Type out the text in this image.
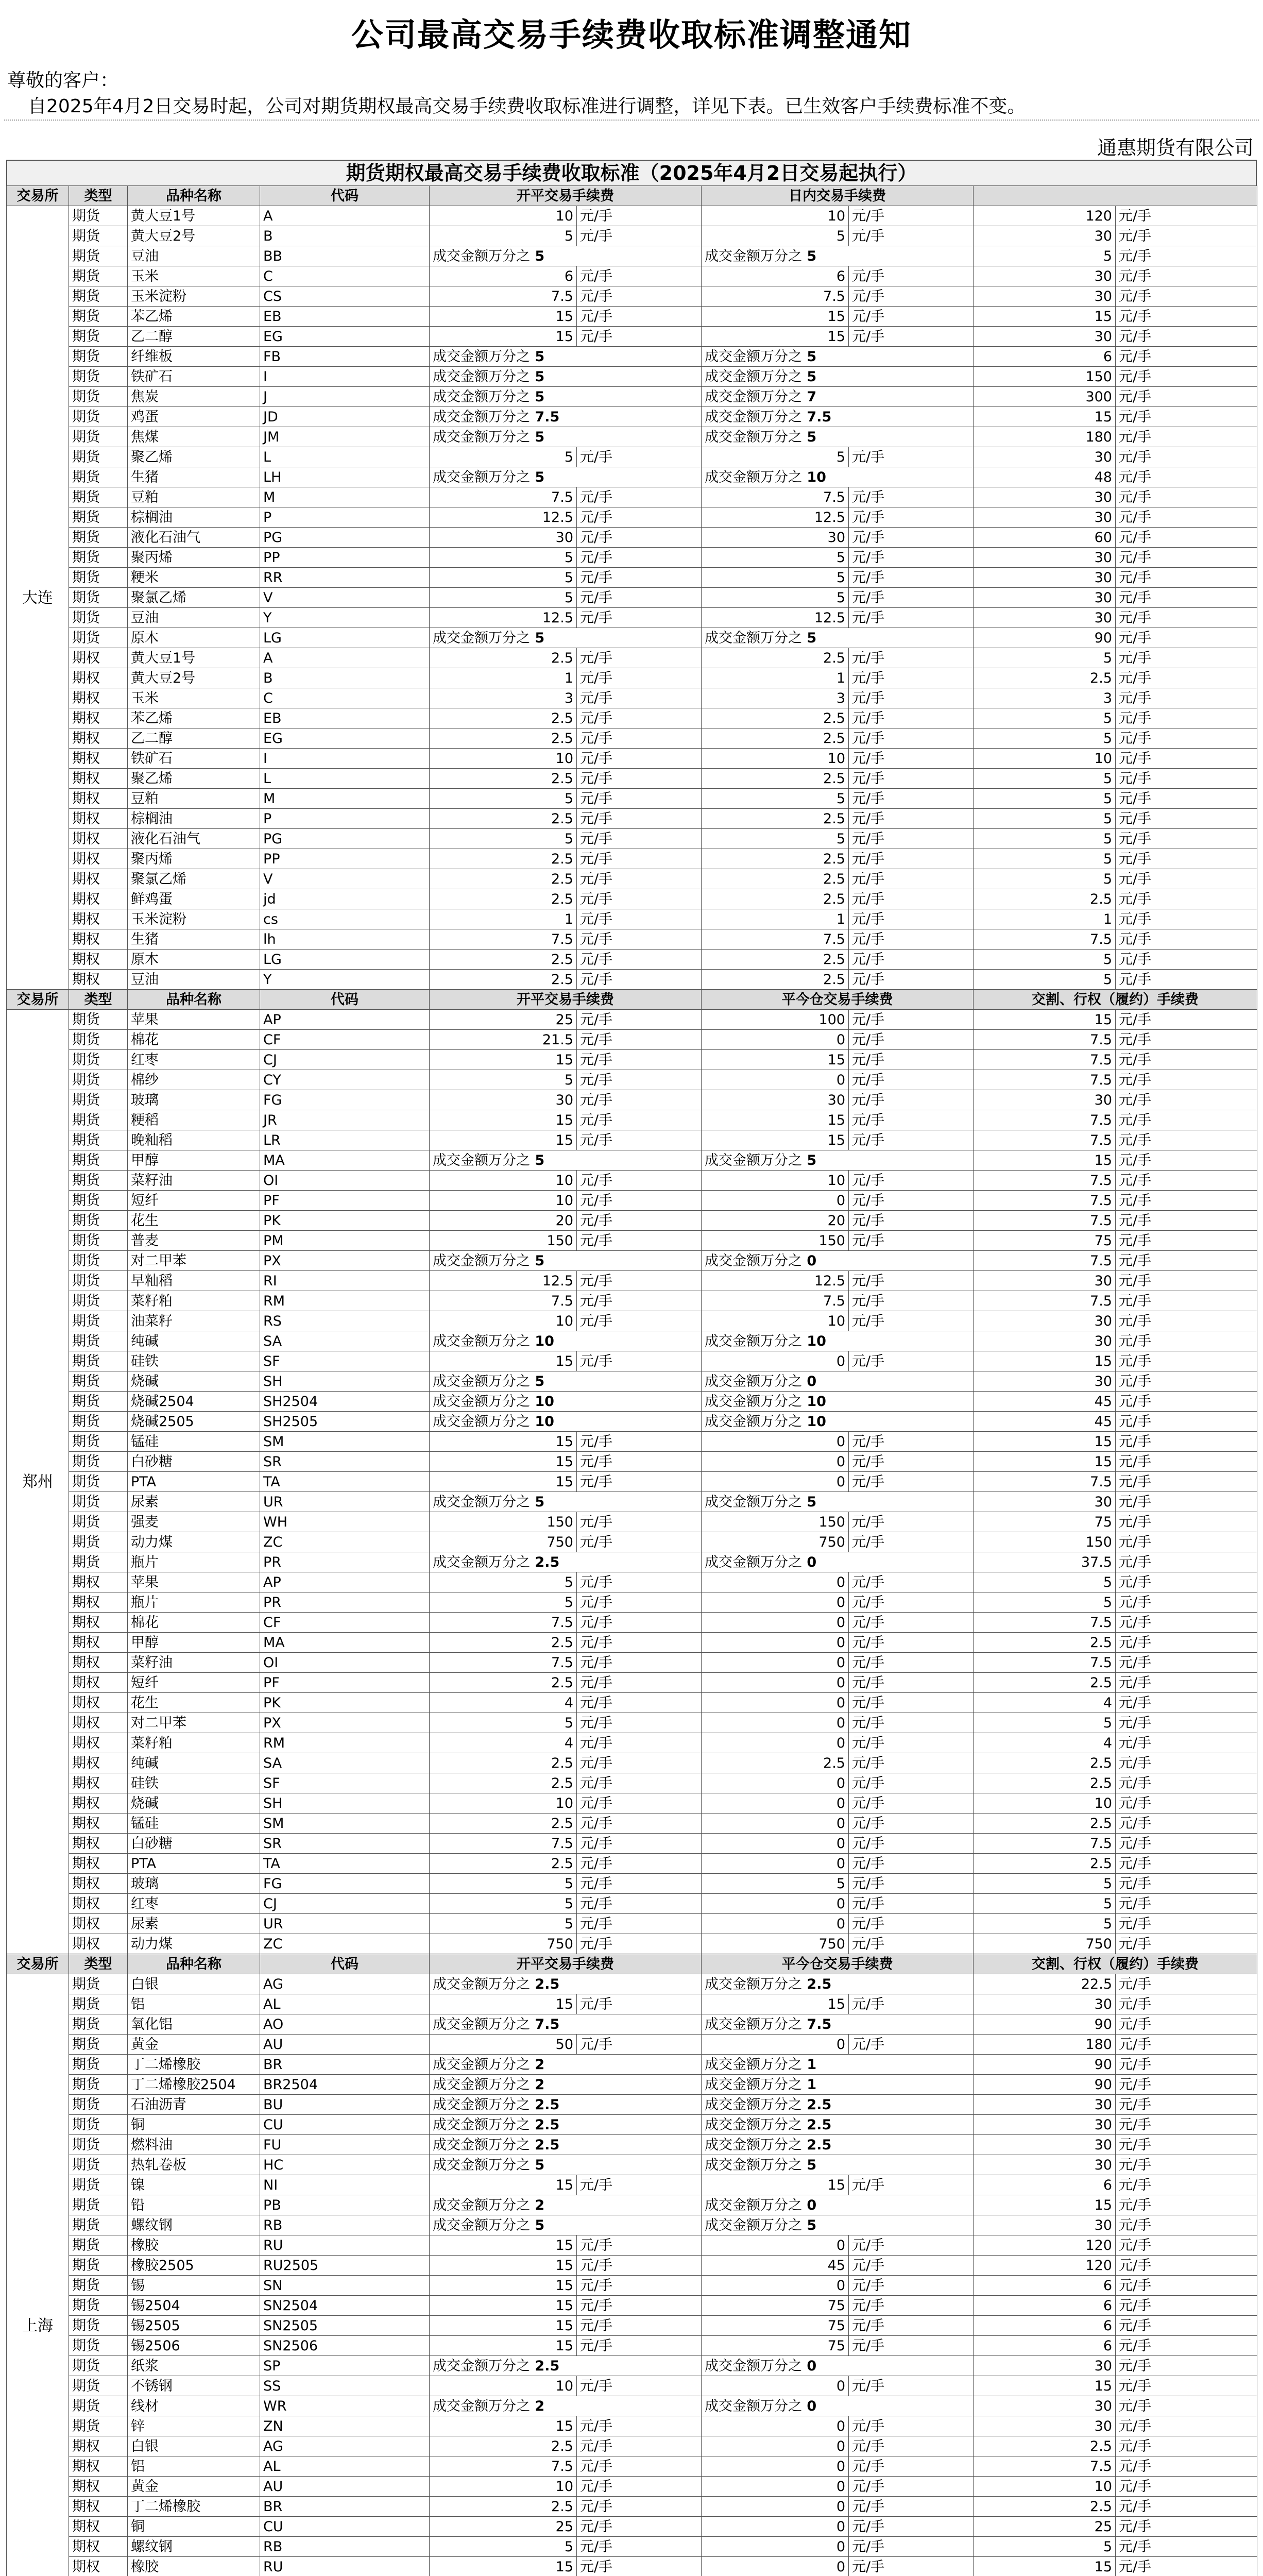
公司最高交易手续费收取标准调整通知
尊敬的客户：
自2025年4月2日交易时起，公司对期货期权最高交易手续费收取标准进行调整，详见下表。已生效客户手续费标准不变。
通惠期货有限公司
期货期权最高交易手续费收取标准（2025年4月2日交易起执行）
交易所	类型	品种名称	代码	开平交易手续费		日内交易手续费			
大连	期货	黄大豆1号	A	10	元/手	10	元/手	120	元/手
	期货	黄大豆2号	B	5	元/手	5	元/手	30	元/手
	期货	豆油	BB	成交金额万分之 5		成交金额万分之 5		5	元/手
	期货	玉米	C	6	元/手	6	元/手	30	元/手
	期货	玉米淀粉	CS	7.5	元/手	7.5	元/手	30	元/手
	期货	苯乙烯	EB	15	元/手	15	元/手	15	元/手
	期货	乙二醇	EG	15	元/手	15	元/手	30	元/手
	期货	纤维板	FB	成交金额万分之 5		成交金额万分之 5		6	元/手
	期货	铁矿石	I	成交金额万分之 5		成交金额万分之 5		150	元/手
	期货	焦炭	J	成交金额万分之 5		成交金额万分之 7		300	元/手
	期货	鸡蛋	JD	成交金额万分之 7.5		成交金额万分之 7.5		15	元/手
	期货	焦煤	JM	成交金额万分之 5		成交金额万分之 5		180	元/手
	期货	聚乙烯	L	5	元/手	5	元/手	30	元/手
	期货	生猪	LH	成交金额万分之 5		成交金额万分之 10		48	元/手
	期货	豆粕	M	7.5	元/手	7.5	元/手	30	元/手
	期货	棕榈油	P	12.5	元/手	12.5	元/手	30	元/手
	期货	液化石油气	PG	30	元/手	30	元/手	60	元/手
	期货	聚丙烯	PP	5	元/手	5	元/手	30	元/手
	期货	粳米	RR	5	元/手	5	元/手	30	元/手
	期货	聚氯乙烯	V	5	元/手	5	元/手	30	元/手
	期货	豆油	Y	12.5	元/手	12.5	元/手	30	元/手
	期货	原木	LG	成交金额万分之 5		成交金额万分之 5		90	元/手
	期权	黄大豆1号	A	2.5	元/手	2.5	元/手	5	元/手
	期权	黄大豆2号	B	1	元/手	1	元/手	2.5	元/手
	期权	玉米	C	3	元/手	3	元/手	3	元/手
	期权	苯乙烯	EB	2.5	元/手	2.5	元/手	5	元/手
	期权	乙二醇	EG	2.5	元/手	2.5	元/手	5	元/手
	期权	铁矿石	I	10	元/手	10	元/手	10	元/手
	期权	聚乙烯	L	2.5	元/手	2.5	元/手	5	元/手
	期权	豆粕	M	5	元/手	5	元/手	5	元/手
	期权	棕榈油	P	2.5	元/手	2.5	元/手	5	元/手
	期权	液化石油气	PG	5	元/手	5	元/手	5	元/手
	期权	聚丙烯	PP	2.5	元/手	2.5	元/手	5	元/手
	期权	聚氯乙烯	V	2.5	元/手	2.5	元/手	5	元/手
	期权	鲜鸡蛋	jd	2.5	元/手	2.5	元/手	2.5	元/手
	期权	玉米淀粉	cs	1	元/手	1	元/手	1	元/手
	期权	生猪	lh	7.5	元/手	7.5	元/手	7.5	元/手
	期权	原木	LG	2.5	元/手	2.5	元/手	5	元/手
	期权	豆油	Y	2.5	元/手	2.5	元/手	5	元/手
交易所	类型	品种名称	代码	开平交易手续费		平今仓交易手续费		交割、行权（履约）手续费	
郑州	期货	苹果	AP	25	元/手	100	元/手	15	元/手
	期货	棉花	CF	21.5	元/手	0	元/手	7.5	元/手
	期货	红枣	CJ	15	元/手	15	元/手	7.5	元/手
	期货	棉纱	CY	5	元/手	0	元/手	7.5	元/手
	期货	玻璃	FG	30	元/手	30	元/手	30	元/手
	期货	粳稻	JR	15	元/手	15	元/手	7.5	元/手
	期货	晚籼稻	LR	15	元/手	15	元/手	7.5	元/手
	期货	甲醇	MA	成交金额万分之 5		成交金额万分之 5		15	元/手
	期货	菜籽油	OI	10	元/手	10	元/手	7.5	元/手
	期货	短纤	PF	10	元/手	0	元/手	7.5	元/手
	期货	花生	PK	20	元/手	20	元/手	7.5	元/手
	期货	普麦	PM	150	元/手	150	元/手	75	元/手
	期货	对二甲苯	PX	成交金额万分之 5		成交金额万分之 0		7.5	元/手
	期货	早籼稻	RI	12.5	元/手	12.5	元/手	30	元/手
	期货	菜籽粕	RM	7.5	元/手	7.5	元/手	7.5	元/手
	期货	油菜籽	RS	10	元/手	10	元/手	30	元/手
	期货	纯碱	SA	成交金额万分之 10		成交金额万分之 10		30	元/手
	期货	硅铁	SF	15	元/手	0	元/手	15	元/手
	期货	烧碱	SH	成交金额万分之 5		成交金额万分之 0		30	元/手
	期货	烧碱2504	SH2504	成交金额万分之 10		成交金额万分之 10		45	元/手
	期货	烧碱2505	SH2505	成交金额万分之 10		成交金额万分之 10		45	元/手
	期货	锰硅	SM	15	元/手	0	元/手	15	元/手
	期货	白砂糖	SR	15	元/手	0	元/手	15	元/手
	期货	PTA	TA	15	元/手	0	元/手	7.5	元/手
	期货	尿素	UR	成交金额万分之 5		成交金额万分之 5		30	元/手
	期货	强麦	WH	150	元/手	150	元/手	75	元/手
	期货	动力煤	ZC	750	元/手	750	元/手	150	元/手
	期货	瓶片	PR	成交金额万分之 2.5		成交金额万分之 0		37.5	元/手
	期权	苹果	AP	5	元/手	0	元/手	5	元/手
	期权	瓶片	PR	5	元/手	0	元/手	5	元/手
	期权	棉花	CF	7.5	元/手	0	元/手	7.5	元/手
	期权	甲醇	MA	2.5	元/手	0	元/手	2.5	元/手
	期权	菜籽油	OI	7.5	元/手	0	元/手	7.5	元/手
	期权	短纤	PF	2.5	元/手	0	元/手	2.5	元/手
	期权	花生	PK	4	元/手	0	元/手	4	元/手
	期权	对二甲苯	PX	5	元/手	0	元/手	5	元/手
	期权	菜籽粕	RM	4	元/手	0	元/手	4	元/手
	期权	纯碱	SA	2.5	元/手	2.5	元/手	2.5	元/手
	期权	硅铁	SF	2.5	元/手	0	元/手	2.5	元/手
	期权	烧碱	SH	10	元/手	0	元/手	10	元/手
	期权	锰硅	SM	2.5	元/手	0	元/手	2.5	元/手
	期权	白砂糖	SR	7.5	元/手	0	元/手	7.5	元/手
	期权	PTA	TA	2.5	元/手	0	元/手	2.5	元/手
	期权	玻璃	FG	5	元/手	5	元/手	5	元/手
	期权	红枣	CJ	5	元/手	0	元/手	5	元/手
	期权	尿素	UR	5	元/手	0	元/手	5	元/手
	期权	动力煤	ZC	750	元/手	750	元/手	750	元/手
交易所	类型	品种名称	代码	开平交易手续费		平今仓交易手续费		交割、行权（履约）手续费	
上海	期货	白银	AG	成交金额万分之 2.5		成交金额万分之 2.5		22.5	元/手
	期货	铝	AL	15	元/手	15	元/手	30	元/手
	期货	氧化铝	AO	成交金额万分之 7.5		成交金额万分之 7.5		90	元/手
	期货	黄金	AU	50	元/手	0	元/手	180	元/手
	期货	丁二烯橡胶	BR	成交金额万分之 2		成交金额万分之 1		90	元/手
	期货	丁二烯橡胶2504	BR2504	成交金额万分之 2		成交金额万分之 1		90	元/手
	期货	石油沥青	BU	成交金额万分之 2.5		成交金额万分之 2.5		30	元/手
	期货	铜	CU	成交金额万分之 2.5		成交金额万分之 2.5		30	元/手
	期货	燃料油	FU	成交金额万分之 2.5		成交金额万分之 2.5		30	元/手
	期货	热轧卷板	HC	成交金额万分之 5		成交金额万分之 5		30	元/手
	期货	镍	NI	15	元/手	15	元/手	6	元/手
	期货	铅	PB	成交金额万分之 2		成交金额万分之 0		15	元/手
	期货	螺纹钢	RB	成交金额万分之 5		成交金额万分之 5		30	元/手
	期货	橡胶	RU	15	元/手	0	元/手	120	元/手
	期货	橡胶2505	RU2505	15	元/手	45	元/手	120	元/手
	期货	锡	SN	15	元/手	0	元/手	6	元/手
	期货	锡2504	SN2504	15	元/手	75	元/手	6	元/手
	期货	锡2505	SN2505	15	元/手	75	元/手	6	元/手
	期货	锡2506	SN2506	15	元/手	75	元/手	6	元/手
	期货	纸浆	SP	成交金额万分之 2.5		成交金额万分之 0		30	元/手
	期货	不锈钢	SS	10	元/手	0	元/手	15	元/手
	期货	线材	WR	成交金额万分之 2		成交金额万分之 0		30	元/手
	期货	锌	ZN	15	元/手	0	元/手	30	元/手
	期权	白银	AG	2.5	元/手	0	元/手	2.5	元/手
	期权	铝	AL	7.5	元/手	0	元/手	7.5	元/手
	期权	黄金	AU	10	元/手	0	元/手	10	元/手
	期权	丁二烯橡胶	BR	2.5	元/手	0	元/手	2.5	元/手
	期权	铜	CU	25	元/手	0	元/手	25	元/手
	期权	螺纹钢	RB	5	元/手	0	元/手	5	元/手
	期权	橡胶	RU	15	元/手	0	元/手	15	元/手
